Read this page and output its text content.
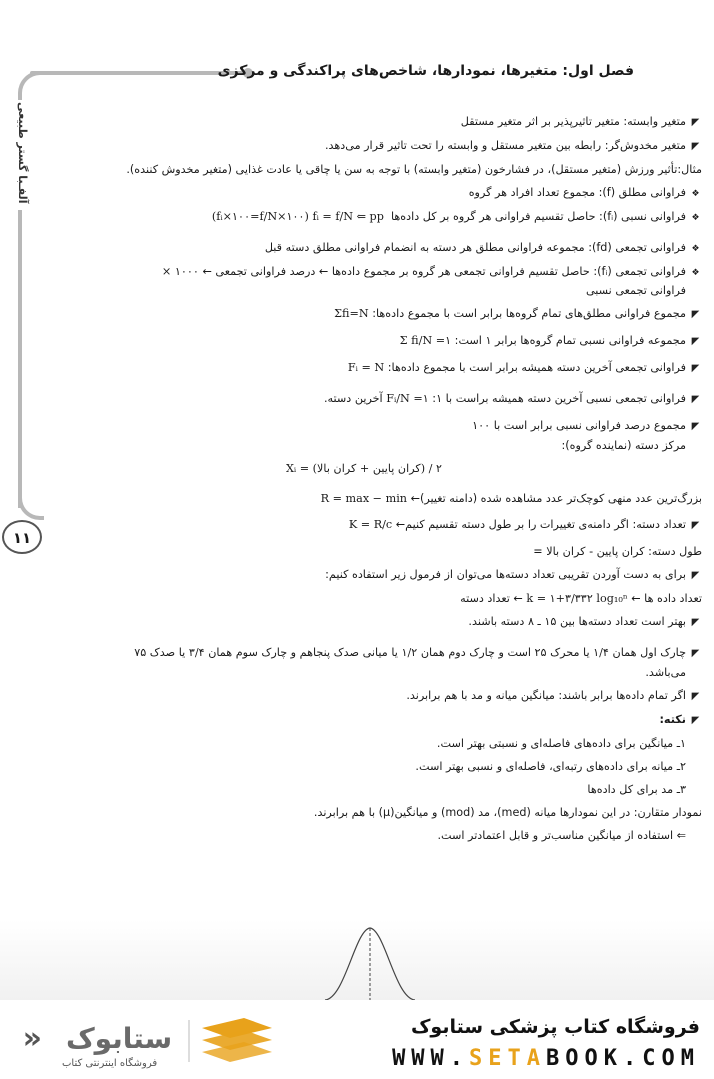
آلفـبا گستر طبیعی
۱۱
فصل اول: متغیرها، نمودارها، شاخص‌های پراکندگی و مرکزی
◤متغیر وابسته: متغیر تاثیرپذیر بر اثر متغیر مستقل
◤متغیر مخدوش‌گر: رابطه بین متغیر مستقل و وابسته را تحت تاثیر قرار می‌دهد.
مثال:تأثیر ورزش (متغیر مستقل)، در فشارخون (متغیر وابسته) با توجه به سن یا چاقی یا عادت غذایی (متغیر مخدوش کننده).
❖فراوانی مطلق (f): مجموع تعداد افراد هر گروه
❖فراوانی نسبی (fᵢ): حاصل تقسیم فراوانی هر گروه بر کل داده‌ها  (fᵢ×۱۰۰=f/N×۱۰۰) fᵢ = f/N ⇐ pp
❖فراوانی تجمعی (fd): مجموعه فراوانی مطلق هر دسته به انضمام فراوانی مطلق دسته قبل
❖فراوانی تجمعی (fᵢ): حاصل تقسیم فراوانی تجمعی هر گروه بر مجموع داده‌ها ← درصد فراوانی تجمعی ← ۱۰۰۰ ×
فراوانی تجمعی نسبی
◤مجموع فراوانی مطلق‌های تمام گروه‌ها برابر است با مجموع داده‌ها: Σfi=N
◤مجموعه فراوانی نسبی تمام گروه‌ها برابر ۱ است: Σ fi/N =۱
◤فراوانی تجمعی آخرین دسته همیشه برابر است با مجموع داده‌ها: Fᵢ = N
◤فراوانی تجمعی نسبی آخرین دسته همیشه براست با ۱: Fᵢ/N =۱ آخرین دسته.
◤مجموع درصد فراوانی نسبی برابر است با ۱۰۰
مرکز دسته (نماینده گروه):
Xᵢ = (کران پایین + کران بالا) / ۲
بزرگ‌ترین عدد منهی کوچک‌تر عدد مشاهده شده (دامنه تغییر)← R = max − min
◤تعداد دسته: اگر دامنه‌ی تغییرات را بر طول دسته تقسیم کنیم← K = R/c
طول دسته: کران پایین - کران بالا =
◤برای به دست آوردن تقریبی تعداد دسته‌ها می‌توان از فرمول زیر استفاده کنیم:
تعداد داده ها ← k = ۱+۳/۳۳۲ log₁₀ⁿ ← تعداد دسته
◤بهتر است تعداد دسته‌ها بین ۱۵ ـ ۸ دسته باشند.
◤چارک اول همان ۱/۴ یا محرک ۲۵ است و چارک دوم همان ۱/۲ یا میانی صدک پنجاهم و چارک سوم همان ۳/۴ یا صدک ۷۵
می‌باشد.
◤اگر تمام داده‌ها برابر باشند: میانگین میانه و مد با هم برابرند.
◤نکته:
۱ـ میانگین برای داده‌های فاصله‌ای و نسبتی بهتر است.
۲ـ میانه برای داده‌های رتبه‌ای، فاصله‌ای و نسبی بهتر است.
۳ـ مد برای کل داده‌ها
نمودار متقارن: در این نمودارها میانه (med)، مد (mod) و میانگین(μ) با هم برابرند.
⇐ استفاده از میانگین مناسب‌تر و قابل اعتمادتر است.
فروشگاه کتاب پزشکی ستابوک
WWW.SETABOOK.COM
« ستابوک
فروشگاه اینترنتی کتاب
